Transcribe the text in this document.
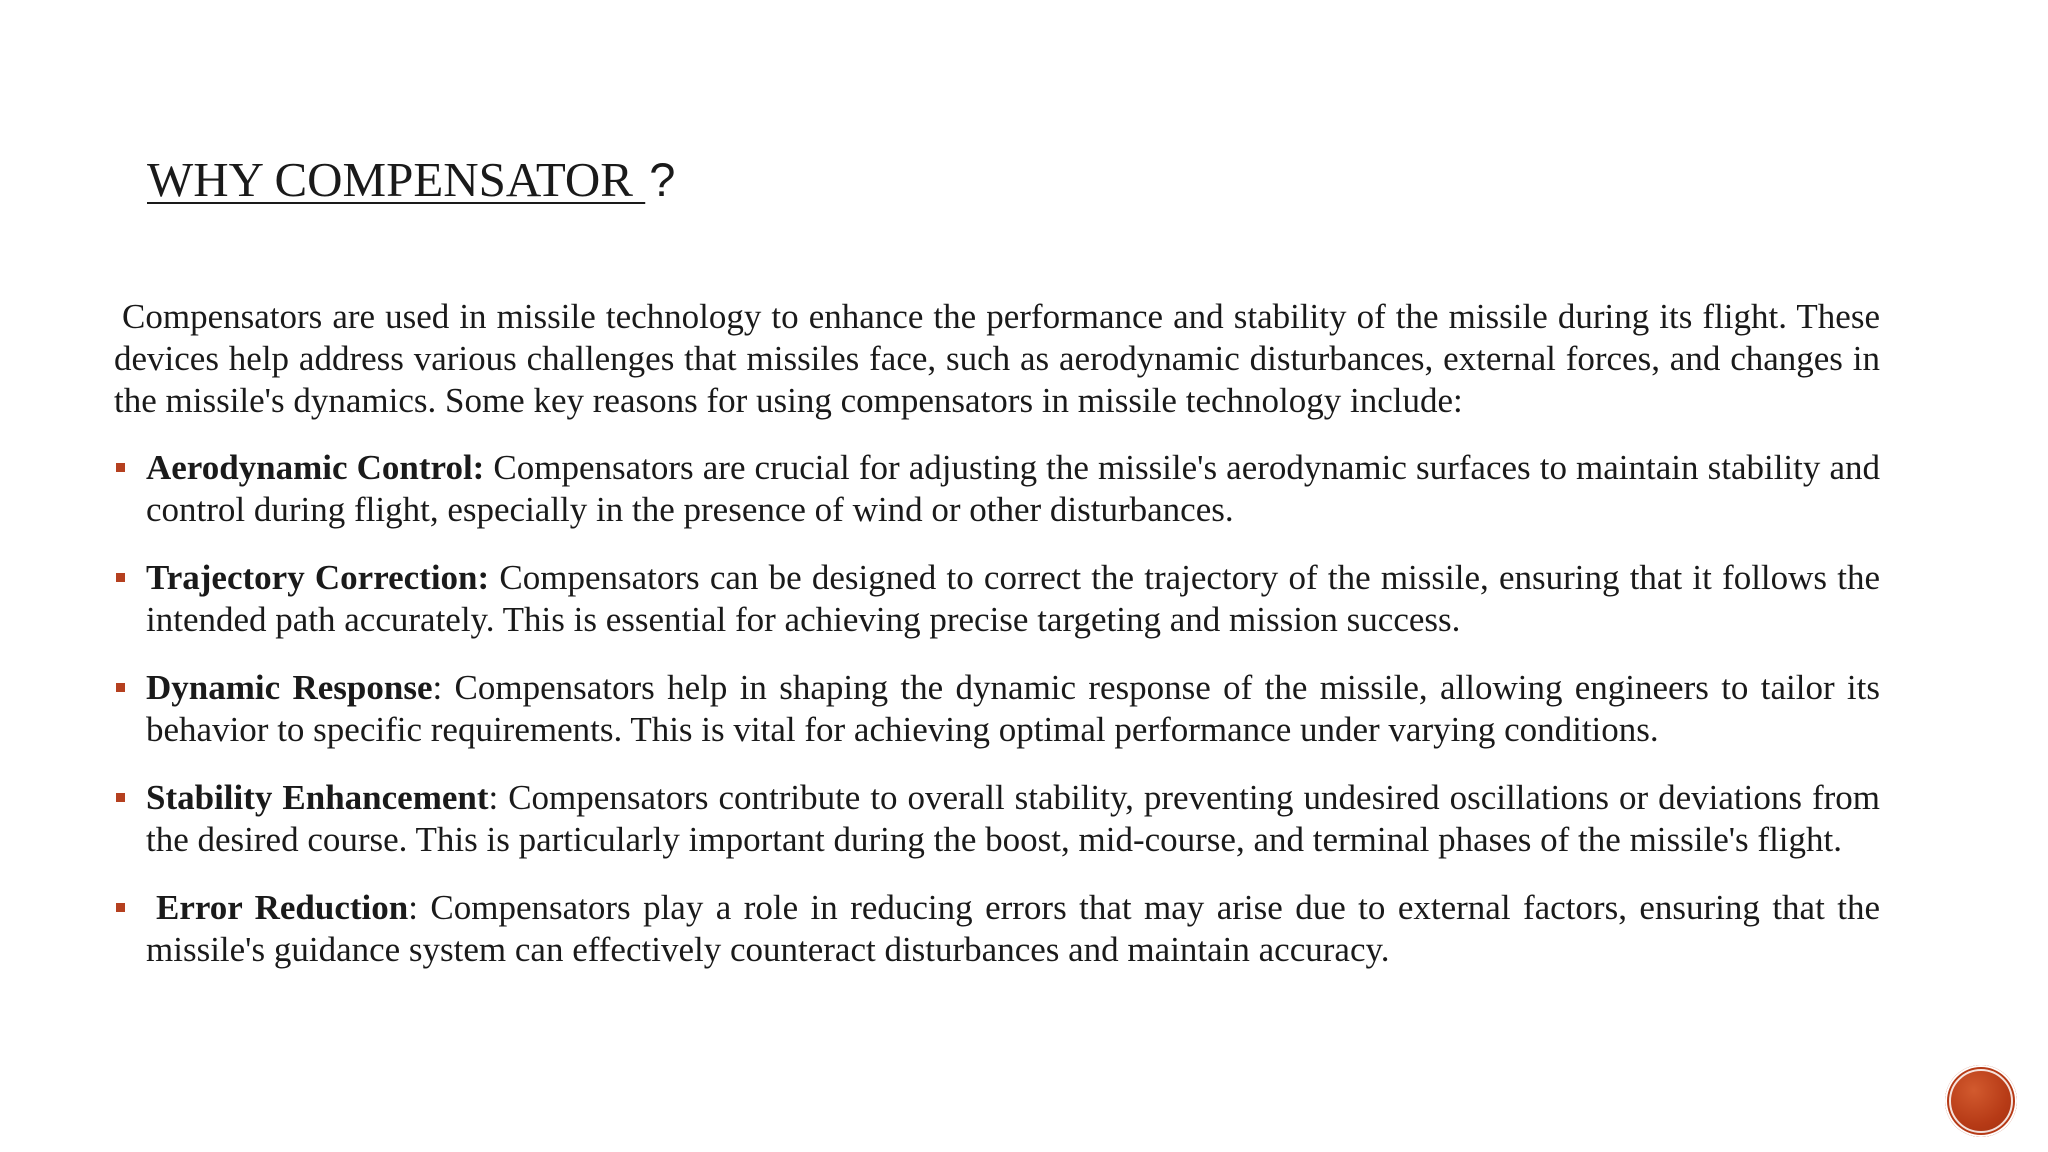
WHY COMPENSATOR ?

Compensators are used in missile technology to enhance the performance and stability of the missile during its flight. These devices help address various challenges that missiles face, such as aerodynamic disturbances, external forces, and changes in the missile's dynamics. Some key reasons for using compensators in missile technology include:

Aerodynamic Control: Compensators are crucial for adjusting the missile's aerodynamic surfaces to maintain stability and control during flight, especially in the presence of wind or other disturbances.
Trajectory Correction: Compensators can be designed to correct the trajectory of the missile, ensuring that it follows the intended path accurately. This is essential for achieving precise targeting and mission success.
Dynamic Response: Compensators help in shaping the dynamic response of the missile, allowing engineers to tailor its behavior to specific requirements. This is vital for achieving optimal performance under varying conditions.
Stability Enhancement: Compensators contribute to overall stability, preventing undesired oscillations or deviations from the desired course. This is particularly important during the boost, mid-course, and terminal phases of the missile's flight.
Error Reduction: Compensators play a role in reducing errors that may arise due to external factors, ensuring that the missile's guidance system can effectively counteract disturbances and maintain accuracy.
